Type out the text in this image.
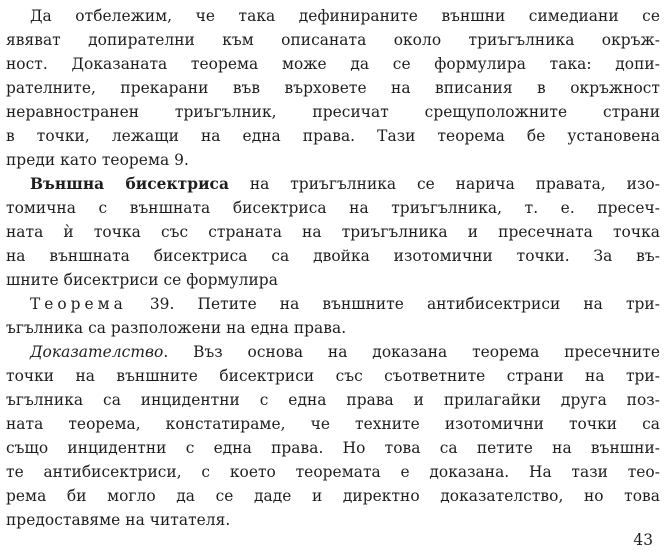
Да отбележим, че така дефинираните външни симедиани се
явяват допирателни към описаната около триъгълника окръж-
ност. Доказаната теорема може да се формулира така: допи-
рателните, прекарани във върховете на вписания в окръжност
неравностранен триъгълник, пресичат срещуположните страни
в точки, лежащи на една права. Тази теорема бе установена
преди като теорема 9.
Външна бисектриса на триъгълника се нарича правата, изо-
томична с външната бисектриса на триъгълника, т. е. пресеч-
ната ѝ точка със страната на триъгълника и пресечната точка
на външната бисектриса са двойка изотомични точки. За въ-
шните бисектриси се формулира
Теорема 39. Петите на външните антибисектриси на три-
ъгълника са разположени на една права.
Доказателство. Въз основа на доказана теорема пресечните
точки на външните бисектриси със съответните страни на три-
ъгълника са инцидентни с една права и прилагайки друга поз-
ната теорема, констатираме, че техните изотомични точки са
също инцидентни с една права. Но това са петите на външни-
те антибисектриси, с което теоремата е доказана. На тази тео-
рема би могло да се даде и директно доказателство, но това
предоставяме на читателя.
43
